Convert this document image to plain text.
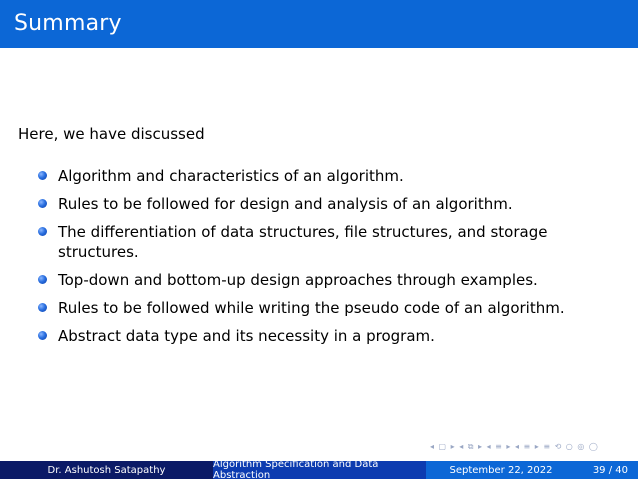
Summary
Here, we have discussed
Algorithm and characteristics of an algorithm.
Rules to be followed for design and analysis of an algorithm.
The differentiation of data structures, file structures, and storage structures.
Top-down and bottom-up design approaches through examples.
Rules to be followed while writing the pseudo code of an algorithm.
Abstract data type and its necessity in a program.
◂ ▢ ▸ ◂ ⧉ ▸ ◂ ≡ ▸ ◂ ≡ ▸ ≡ ⟲ ○ ◎ ◯
Dr. Ashutosh Satapathy	Algorithm Specification and Data Abstraction	September 22, 2022	39 / 40
